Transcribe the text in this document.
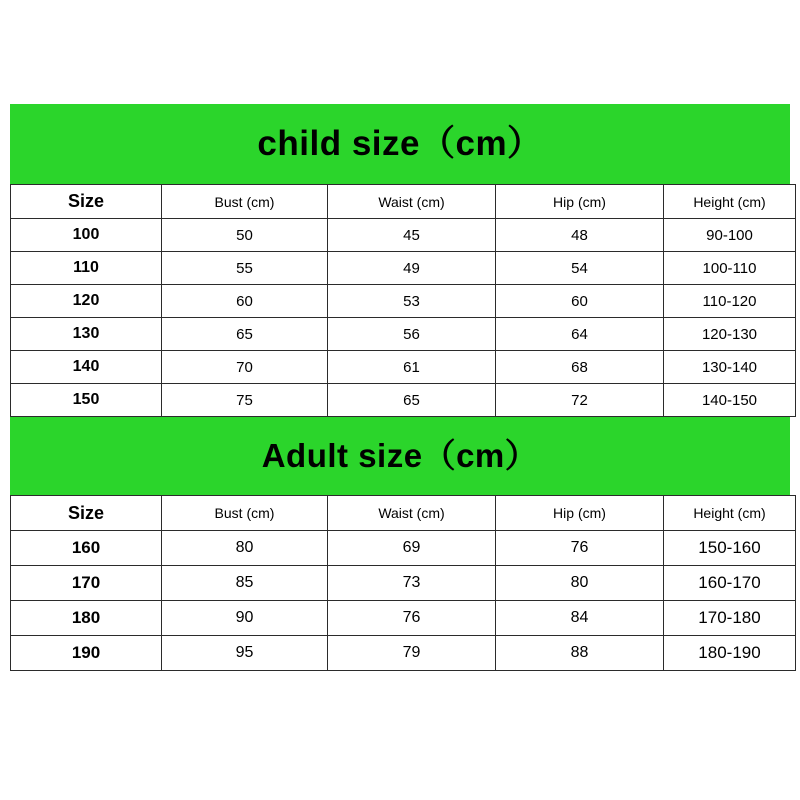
child size（cm）
Size	Bust (cm)	Waist (cm)	Hip (cm)	Height (cm)
100	50	45	48	90-100
110	55	49	54	100-110
120	60	53	60	110-120
130	65	56	64	120-130
140	70	61	68	130-140
150	75	65	72	140-150
Adult size（cm）
Size	Bust (cm)	Waist (cm)	Hip (cm)	Height (cm)
160	80	69	76	150-160
170	85	73	80	160-170
180	90	76	84	170-180
190	95	79	88	180-190
